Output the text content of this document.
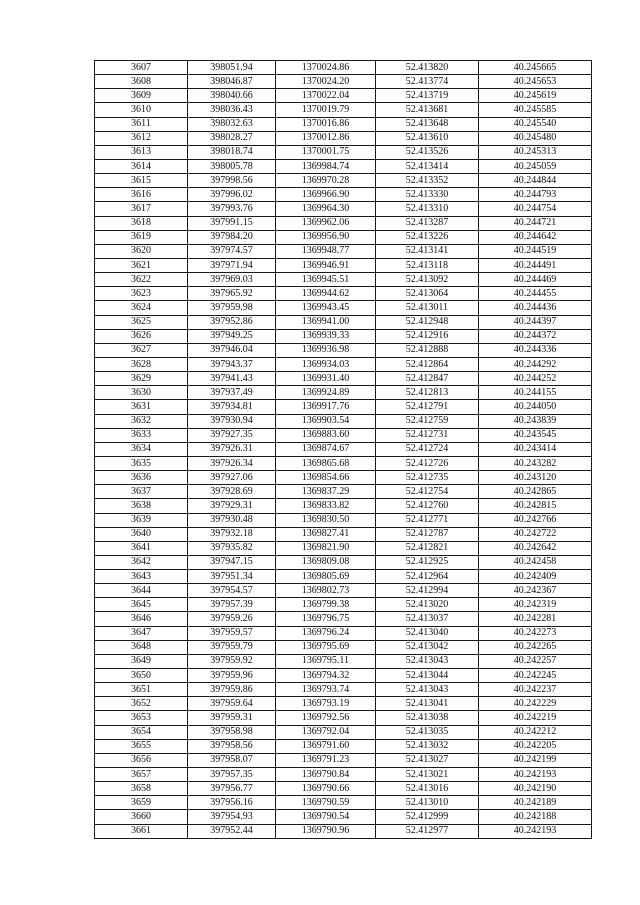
3607	398051.94	1370024.86	52.413820	40.245665
3608	398046.87	1370024.20	52.413774	40.245653
3609	398040.66	1370022.04	52.413719	40.245619
3610	398036.43	1370019.79	52.413681	40.245585
3611	398032.63	1370016.86	52.413648	40.245540
3612	398028.27	1370012.86	52.413610	40.245480
3613	398018.74	1370001.75	52.413526	40.245313
3614	398005.78	1369984.74	52.413414	40.245059
3615	397998.56	1369970.28	52.413352	40.244844
3616	397996.02	1369966.90	52.413330	40.244793
3617	397993.76	1369964.30	52.413310	40.244754
3618	397991.15	1369962.06	52.413287	40.244721
3619	397984.20	1369956.90	52.413226	40.244642
3620	397974.57	1369948.77	52.413141	40.244519
3621	397971.94	1369946.91	52.413118	40.244491
3622	397969.03	1369945.51	52.413092	40.244469
3623	397965.92	1369944.62	52.413064	40.244455
3624	397959.98	1369943.45	52.413011	40.244436
3625	397952.86	1369941.00	52.412948	40.244397
3626	397949.25	1369939.33	52.412916	40.244372
3627	397946.04	1369936.98	52.412888	40.244336
3628	397943.37	1369934.03	52.412864	40.244292
3629	397941.43	1369931.40	52.412847	40.244252
3630	397937.49	1369924.89	52.412813	40.244155
3631	397934.81	1369917.76	52.412791	40.244050
3632	397930.94	1369903.54	52.412759	40.243839
3633	397927.35	1369883.60	52.412731	40.243545
3634	397926.31	1369874.67	52.412724	40.243414
3635	397926.34	1369865.68	52.412726	40.243282
3636	397927.06	1369854.66	52.412735	40.243120
3637	397928.69	1369837.29	52.412754	40.242865
3638	397929.31	1369833.82	52.412760	40.242815
3639	397930.48	1369830.50	52.412771	40.242766
3640	397932.18	1369827.41	52.412787	40.242722
3641	397935.82	1369821.90	52.412821	40.242642
3642	397947.15	1369809.08	52.412925	40.242458
3643	397951.34	1369805.69	52.412964	40.242409
3644	397954.57	1369802.73	52.412994	40.242367
3645	397957.39	1369799.38	52.413020	40.242319
3646	397959.26	1369796.75	52.413037	40.242281
3647	397959.57	1369796.24	52.413040	40.242273
3648	397959.79	1369795.69	52.413042	40.242265
3649	397959.92	1369795.11	52.413043	40.242257
3650	397959.96	1369794.32	52.413044	40.242245
3651	397959.86	1369793.74	52.413043	40.242237
3652	397959.64	1369793.19	52.413041	40.242229
3653	397959.31	1369792.56	52.413038	40.242219
3654	397958.98	1369792.04	52.413035	40.242212
3655	397958.56	1369791.60	52.413032	40.242205
3656	397958.07	1369791.23	52.413027	40.242199
3657	397957.35	1369790.84	52.413021	40.242193
3658	397956.77	1369790.66	52.413016	40.242190
3659	397956.16	1369790.59	52.413010	40.242189
3660	397954.93	1369790.54	52.412999	40.242188
3661	397952.44	1369790.96	52.412977	40.242193
